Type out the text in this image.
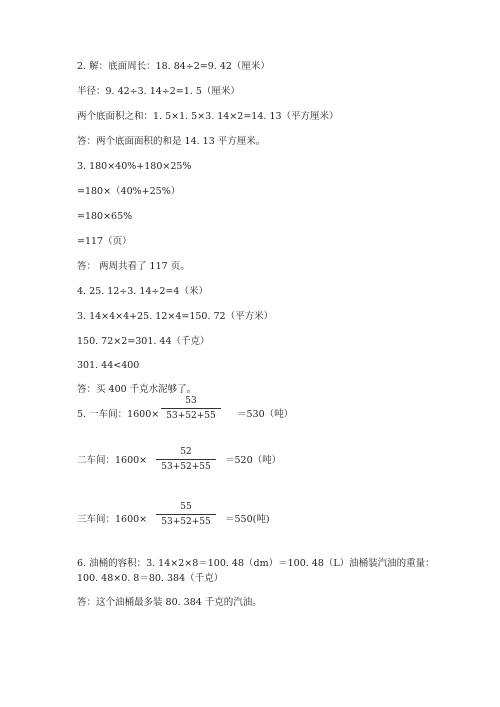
2. 解：底面周长：18. 84÷2=9. 42（厘米）
半径：9. 42÷3. 14÷2=1. 5（厘米）
两个底面积之和：1. 5×1. 5×3. 14×2=14. 13（平方厘米）
答：两个底面面积的和是 14. 13 平方厘米。
3. 180×40%+180×25%
=180×（40%+25%）
=180×65%
=117（页）
答： 两周共看了 117 页。
4. 25. 12÷3. 14÷2=4（米）
3. 14×4×4+25. 12×4=150. 72（平方米）
150. 72×2=301. 44（千克）
301. 44<400
答：买 400 千克水泥够了。
5. 一车间：1600×
53
53+52+55	＝530（吨）
二车间：1600×
52
53+52+55
＝520（吨）
三车间：1600×
55
53+52+55	＝550(吨)
6. 油桶的容积：3. 14×2×8＝100. 48（dm）＝100. 48（L）油桶装汽油的重量：
100. 48×0. 8＝80. 384（千克）
答：这个油桶最多装 80. 384 千克的汽油。
